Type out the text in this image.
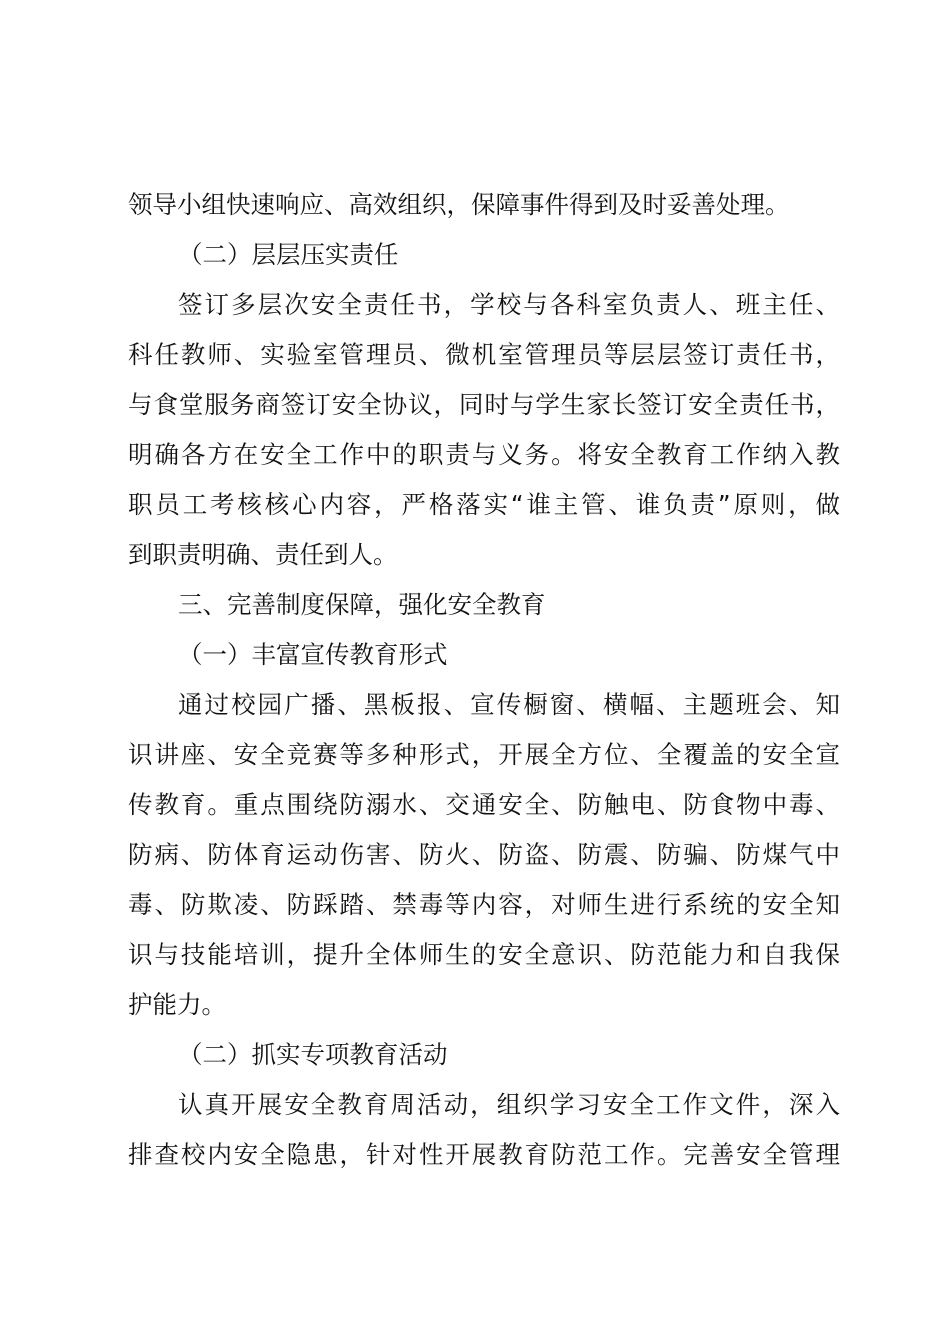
领导小组快速响应、高效组织，保障事件得到及时妥善处理。
（二）层层压实责任
签订多层次安全责任书，学校与各科室负责人、班主任、
科任教师、实验室管理员、微机室管理员等层层签订责任书，
与食堂服务商签订安全协议，同时与学生家长签订安全责任书，
明确各方在安全工作中的职责与义务。将安全教育工作纳入教
职员工考核核心内容，严格落实“谁主管、谁负责”原则，做
到职责明确、责任到人。
三、完善制度保障，强化安全教育
（一）丰富宣传教育形式
通过校园广播、黑板报、宣传橱窗、横幅、主题班会、知
识讲座、安全竞赛等多种形式，开展全方位、全覆盖的安全宣
传教育。重点围绕防溺水、交通安全、防触电、防食物中毒、
防病、防体育运动伤害、防火、防盗、防震、防骗、防煤气中
毒、防欺凌、防踩踏、禁毒等内容，对师生进行系统的安全知
识与技能培训，提升全体师生的安全意识、防范能力和自我保
护能力。
（二）抓实专项教育活动
认真开展安全教育周活动，组织学习安全工作文件，深入
排查校内安全隐患，针对性开展教育防范工作。完善安全管理
